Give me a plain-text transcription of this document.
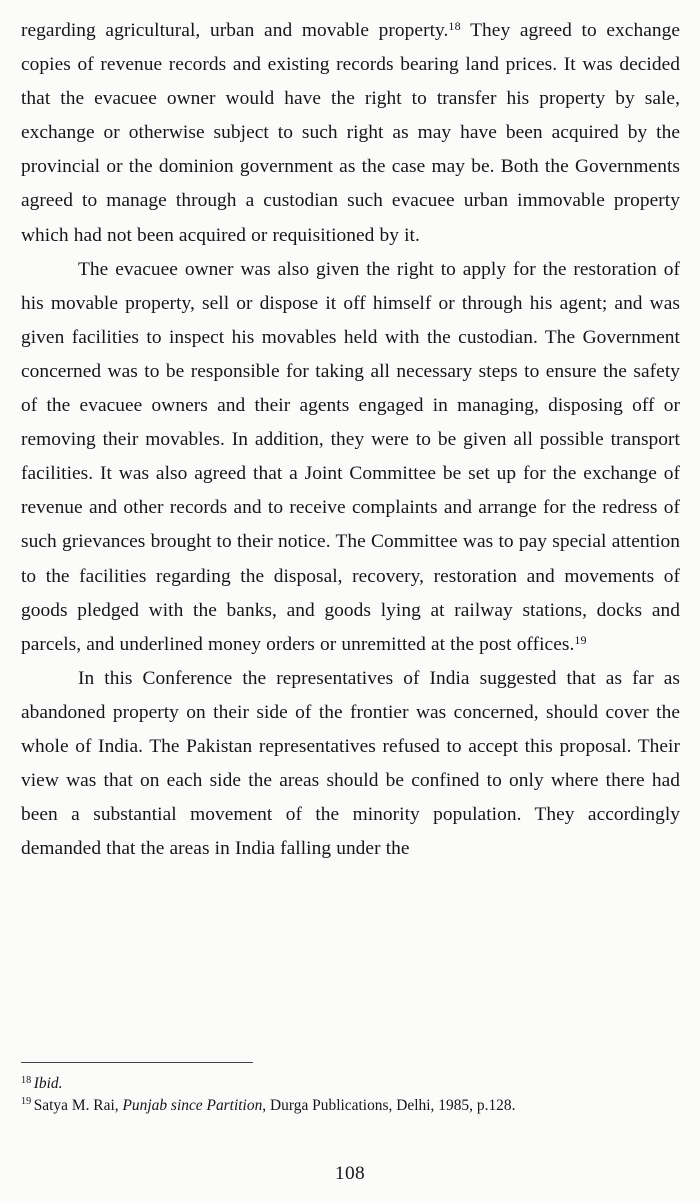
regarding agricultural, urban and movable property.$^{18}$ They agreed to exchange copies of revenue records and existing records bearing land prices. It was decided that the evacuee owner would have the right to transfer his property by sale, exchange or otherwise subject to such right as may have been acquired by the provincial or the dominion government as the case may be. Both the Governments agreed to manage through a custodian such evacuee urban immovable property which had not been acquired or requisitioned by it.

The evacuee owner was also given the right to apply for the restoration of his movable property, sell or dispose it off himself or through his agent; and was given facilities to inspect his movables held with the custodian. The Government concerned was to be responsible for taking all necessary steps to ensure the safety of the evacuee owners and their agents engaged in managing, disposing off or removing their movables. In addition, they were to be given all possible transport facilities. It was also agreed that a Joint Committee be set up for the exchange of revenue and other records and to receive complaints and arrange for the redress of such grievances brought to their notice. The Committee was to pay special attention to the facilities regarding the disposal, recovery, restoration and movements of goods pledged with the banks, and goods lying at railway stations, docks and parcels, and underlined money orders or unremitted at the post offices.$^{19}$

In this Conference the representatives of India suggested that as far as abandoned property on their side of the frontier was concerned, should cover the whole of India. The Pakistan representatives refused to accept this proposal. Their view was that on each side the areas should be confined to only where there had been a substantial movement of the minority population. They accordingly demanded that the areas in India falling under the

$^{18}$ Ibid.

$^{19}$ Satya M. Rai, Punjab since Partition, Durga Publications, Delhi, 1985, p.128.

108
